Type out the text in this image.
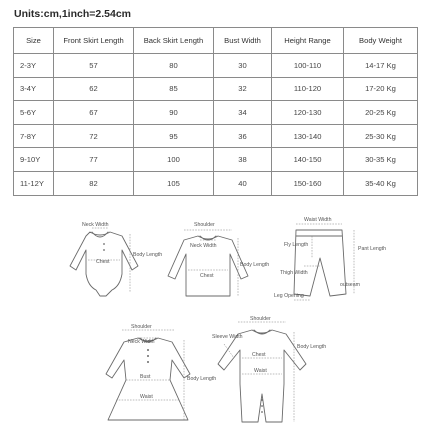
Units:cm,1inch=2.54cm
Size	Front Skirt Length	Back Skirt Length	Bust Width	Height Range	Body Weight
2-3Y	57	80	30	100-110	14-17 Kg
3-4Y	62	85	32	110-120	17-20 Kg
5-6Y	67	90	34	120-130	20-25 Kg
7-8Y	72	95	36	130-140	25-30 Kg
9-10Y	77	100	38	140-150	30-35 Kg
11-12Y	82	105	40	150-160	35-40 Kg
Neck Width
Chest
Body Length
Shoulder
Neck Width
Chest
Body Length
Waist Width
Fly Length
Pant Length
Thigh Width
outseam
Leg Opening
Shoulder
Neck Width
Bust
Waist
Body Length
Shoulder
Sleeve Width
Chest
Waist
Body Length
